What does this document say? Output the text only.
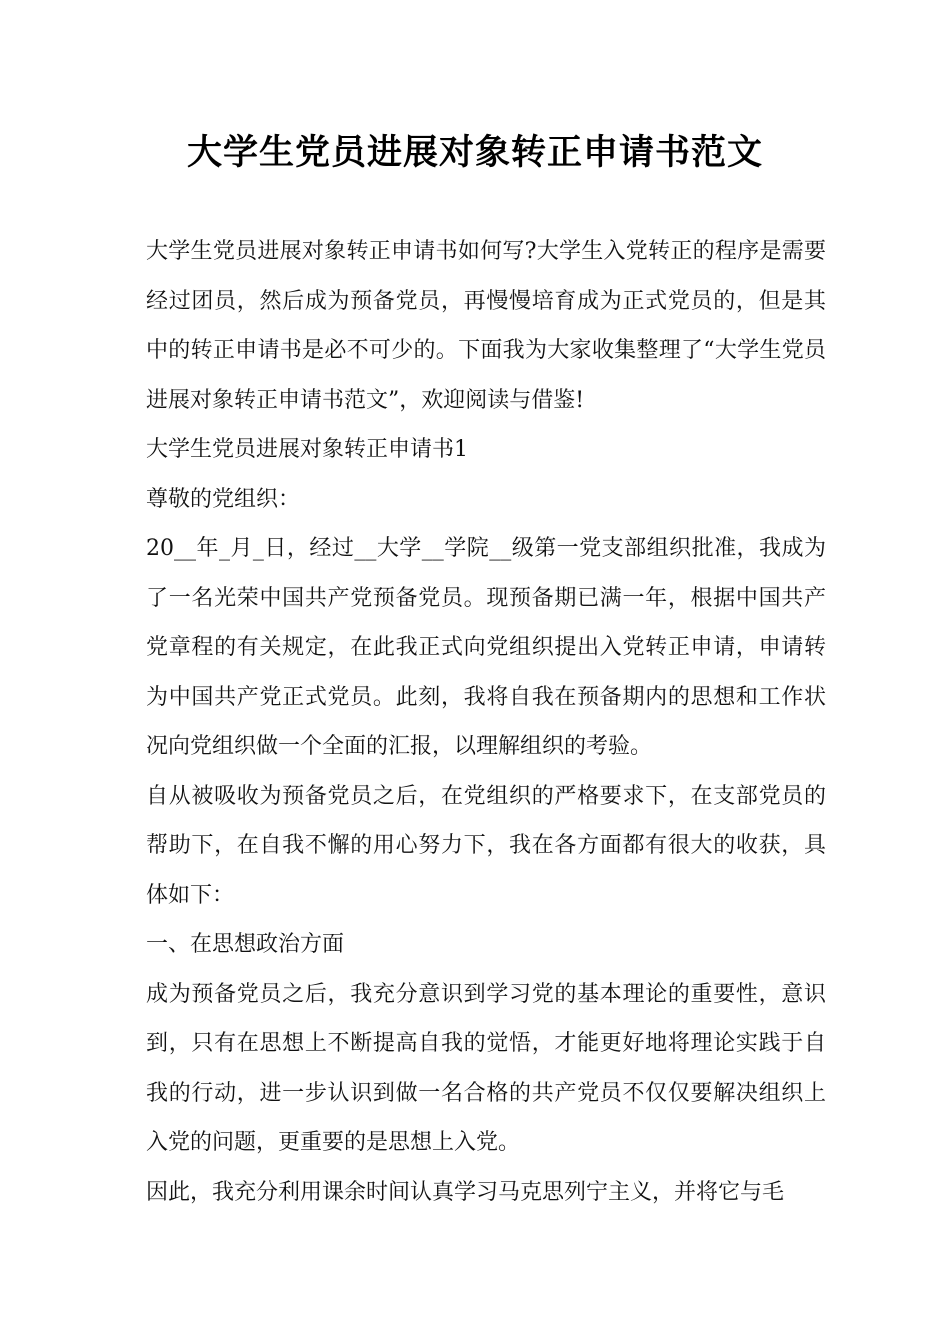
大学生党员进展对象转正申请书范文

大学生党员进展对象转正申请书如何写?大学生入党转正的程序是需要经过团员，然后成为预备党员，再慢慢培育成为正式党员的，但是其中的转正申请书是必不可少的。下面我为大家收集整理了“大学生党员进展对象转正申请书范文”，欢迎阅读与借鉴!

大学生党员进展对象转正申请书1

尊敬的党组织：

20__年_月_日，经过__大学__学院__级第一党支部组织批准，我成为了一名光荣中国共产党预备党员。现预备期已满一年，根据中国共产党章程的有关规定，在此我正式向党组织提出入党转正申请，申请转为中国共产党正式党员。此刻，我将自我在预备期内的思想和工作状况向党组织做一个全面的汇报，以理解组织的考验。

自从被吸收为预备党员之后，在党组织的严格要求下，在支部党员的帮助下，在自我不懈的用心努力下，我在各方面都有很大的收获，具体如下：

一、在思想政治方面

成为预备党员之后，我充分意识到学习党的基本理论的重要性，意识到，只有在思想上不断提高自我的觉悟，才能更好地将理论实践于自我的行动，进一步认识到做一名合格的共产党员不仅仅要解决组织上入党的问题，更重要的是思想上入党。

因此，我充分利用课余时间认真学习马克思列宁主义，并将它与毛
